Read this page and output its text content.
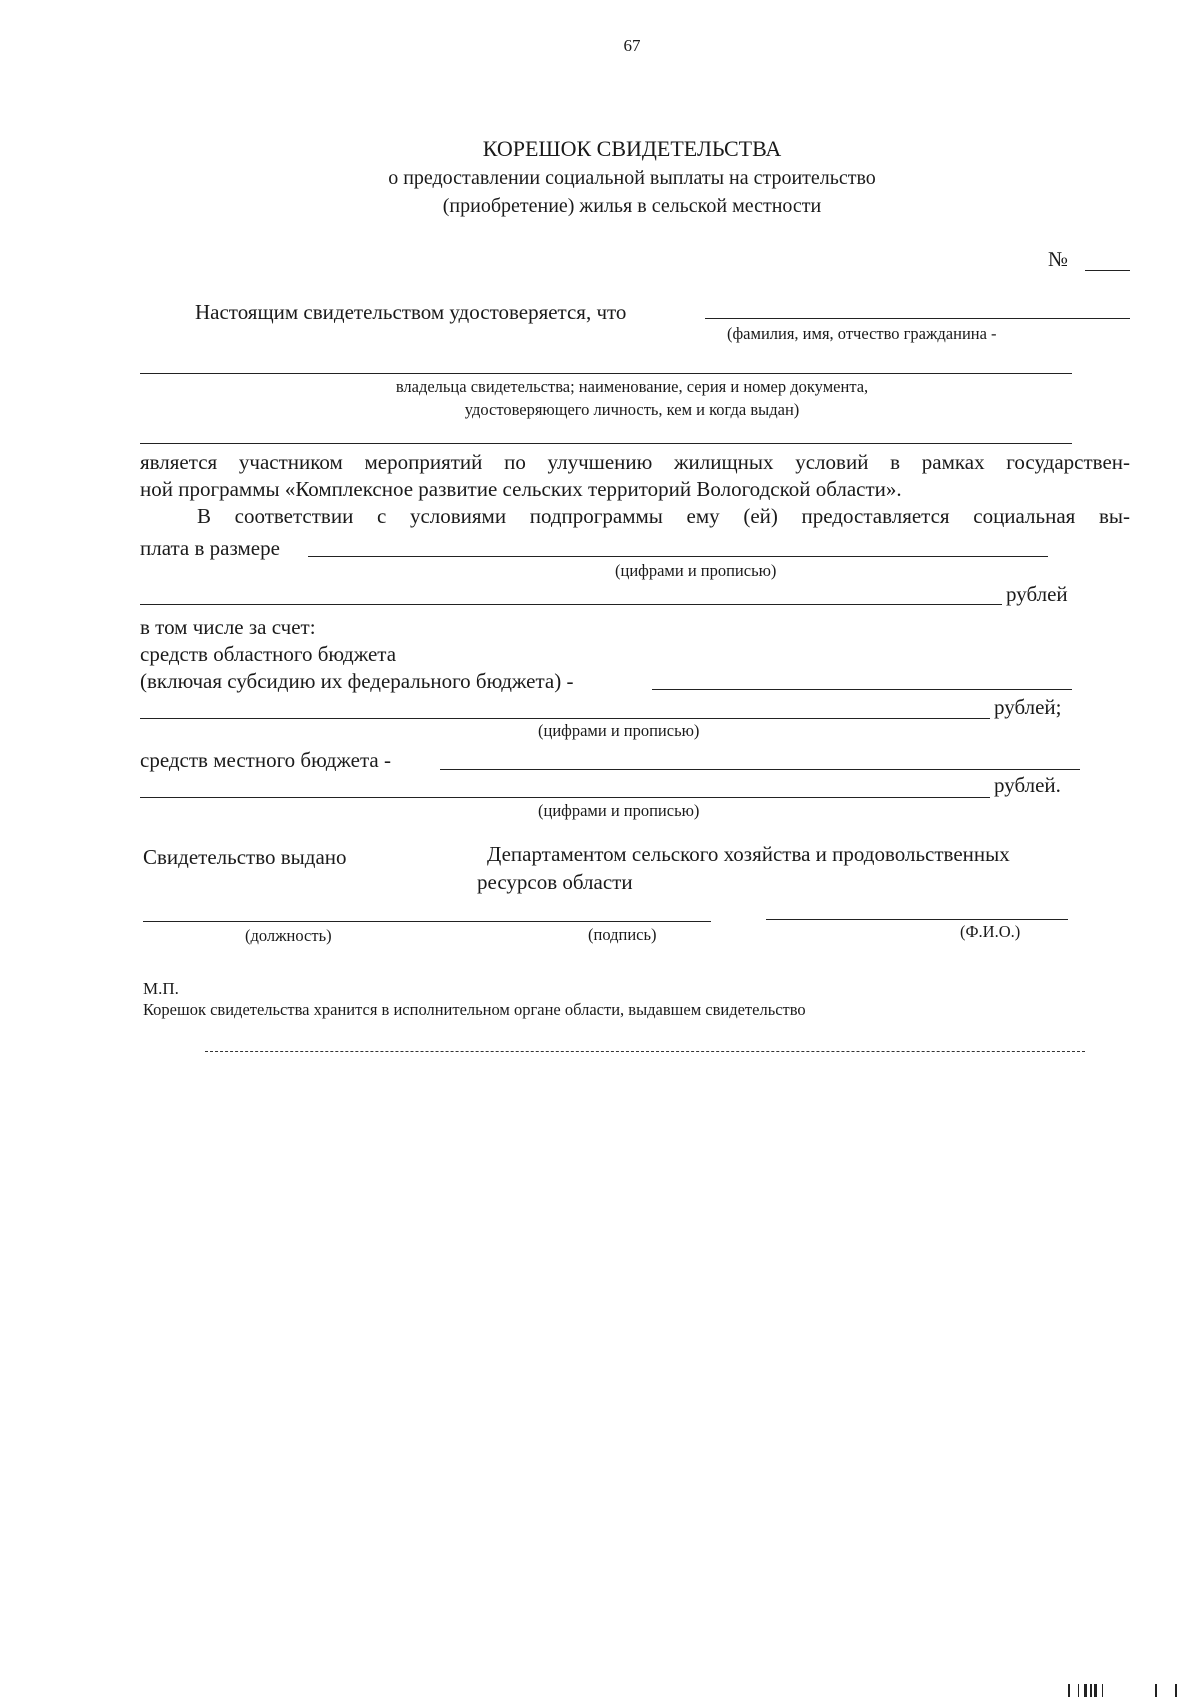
67
КОРЕШОК СВИДЕТЕЛЬСТВА
о предоставлении социальной выплаты на строительство
(приобретение) жилья в сельской местности
№
Настоящим свидетельством удостоверяется, что
(фамилия, имя, отчество гражданина -
владельца свидетельства; наименование, серия и номер документа,
удостоверяющего личность, кем и когда выдан)
является участником мероприятий по улучшению жилищных условий в рамках государствен-
ной программы «Комплексное развитие сельских территорий Вологодской области».
В соответствии с условиями подпрограммы ему (ей) предоставляется социальная вы-
плата в размере
(цифрами и прописью)
рублей
в том числе за счет:
средств областного бюджета
(включая субсидию их федерального бюджета) -
рублей;
(цифрами и прописью)
средств местного бюджета -
рублей.
(цифрами и прописью)
Свидетельство выдано	Департаментом сельского хозяйства и продовольственных
ресурсов области
(должность)	(подпись)	(Ф.И.О.)
М.П.
Корешок свидетельства хранится в исполнительном органе области, выдавшем свидетельство
